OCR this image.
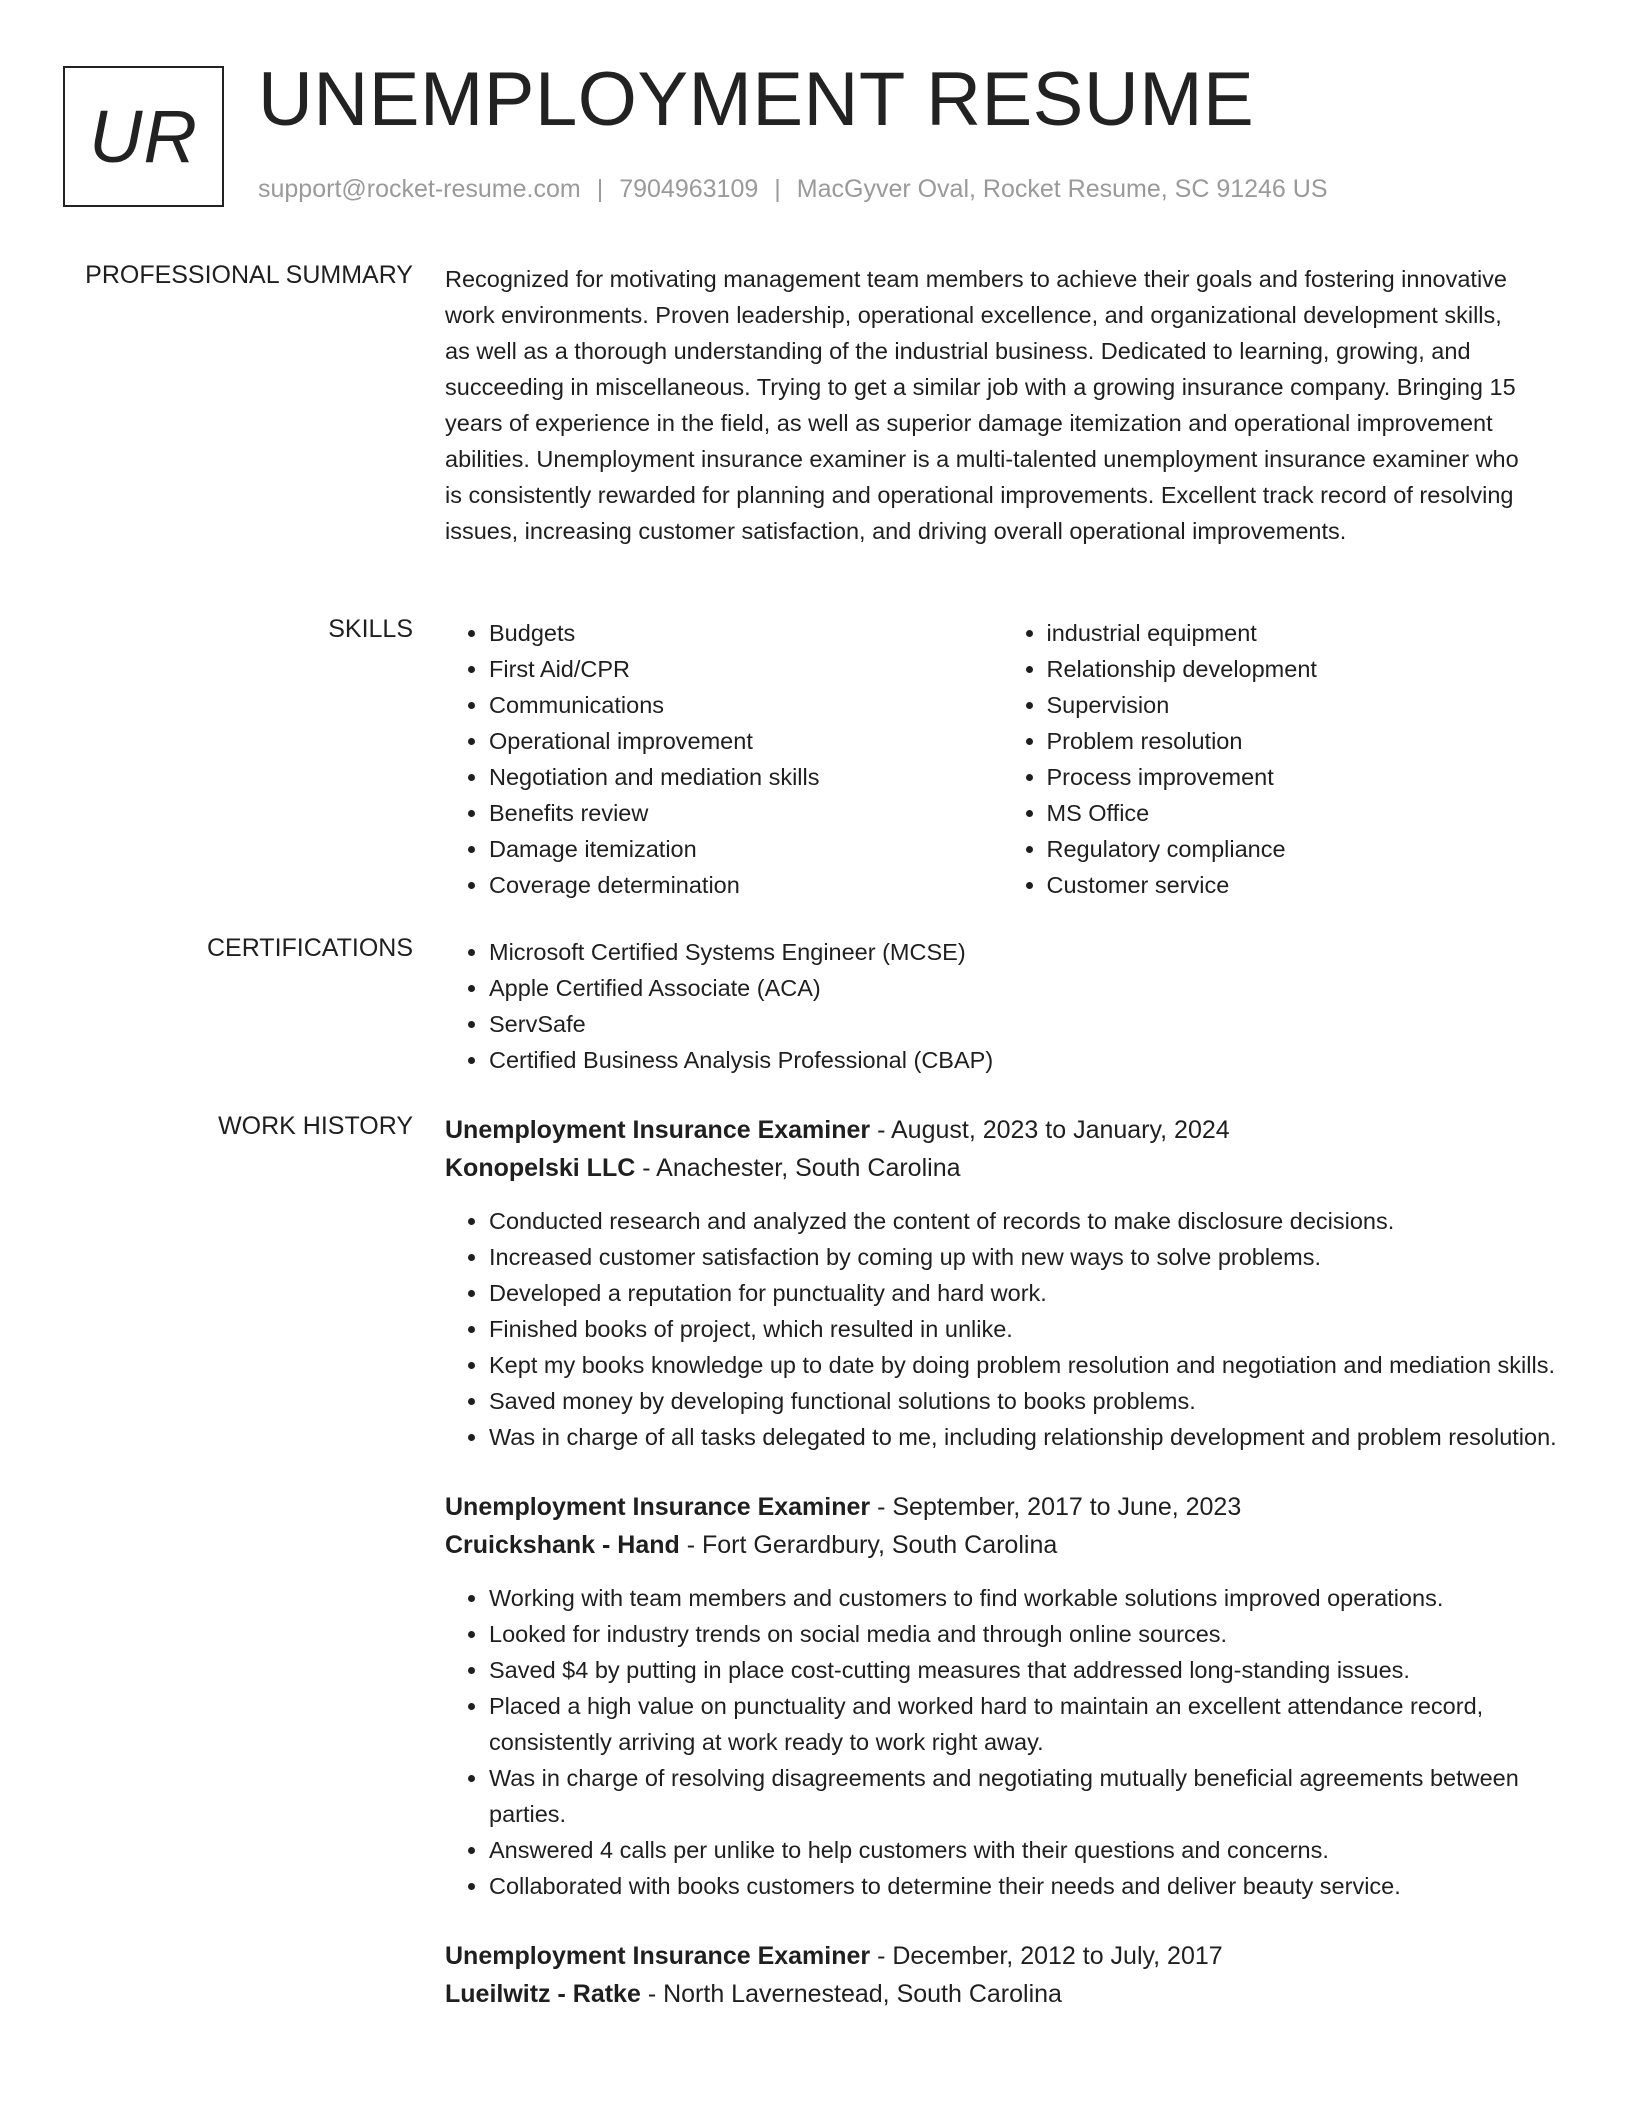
UR UNEMPLOYMENT RESUME
support@rocket-resume.com | 7904963109 | MacGyver Oval, Rocket Resume, SC 91246 US
PROFESSIONAL SUMMARY Recognized for motivating management team members to achieve their goals and fostering innovative work environments. Proven leadership, operational excellence, and organizational development skills, as well as a thorough understanding of the industrial business. Dedicated to learning, growing, and succeeding in miscellaneous. Trying to get a similar job with a growing insurance company. Bringing 15 years of experience in the field, as well as superior damage itemization and operational improvement abilities. Unemployment insurance examiner is a multi-talented unemployment insurance examiner who is consistently rewarded for planning and operational improvements. Excellent track record of resolving issues, increasing customer satisfaction, and driving overall operational improvements.
SKILLS	• Budgets
• First Aid/CPR
• Communications
• Operational improvement
• Negotiation and mediation skills
• Benefits review
• Damage itemization
• Coverage determination
• industrial equipment
• Relationship development
• Supervision
• Problem resolution
• Process improvement
• MS Office
• Regulatory compliance
• Customer service
CERTIFICATIONS	• Microsoft Certified Systems Engineer (MCSE)
• Apple Certified Associate (ACA)
• ServSafe
• Certified Business Analysis Professional (CBAP)
WORK HISTORY Unemployment Insurance Examiner - August, 2023 to January, 2024
Konopelski LLC - Anachester, South Carolina
• Conducted research and analyzed the content of records to make disclosure decisions.
• Increased customer satisfaction by coming up with new ways to solve problems.
• Developed a reputation for punctuality and hard work.
• Finished books of project, which resulted in unlike.
• Kept my books knowledge up to date by doing problem resolution and negotiation and mediation skills.
• Saved money by developing functional solutions to books problems.
• Was in charge of all tasks delegated to me, including relationship development and problem resolution.
Unemployment Insurance Examiner - September, 2017 to June, 2023
Cruickshank - Hand - Fort Gerardbury, South Carolina
• Working with team members and customers to find workable solutions improved operations.
• Looked for industry trends on social media and through online sources.
• Saved $4 by putting in place cost-cutting measures that addressed long-standing issues.
• Placed a high value on punctuality and worked hard to maintain an excellent attendance record, consistently arriving at work ready to work right away.
• Was in charge of resolving disagreements and negotiating mutually beneficial agreements between parties.
• Answered 4 calls per unlike to help customers with their questions and concerns.
• Collaborated with books customers to determine their needs and deliver beauty service.
Unemployment Insurance Examiner - December, 2012 to July, 2017
Lueilwitz - Ratke - North Lavernestead, South Carolina
